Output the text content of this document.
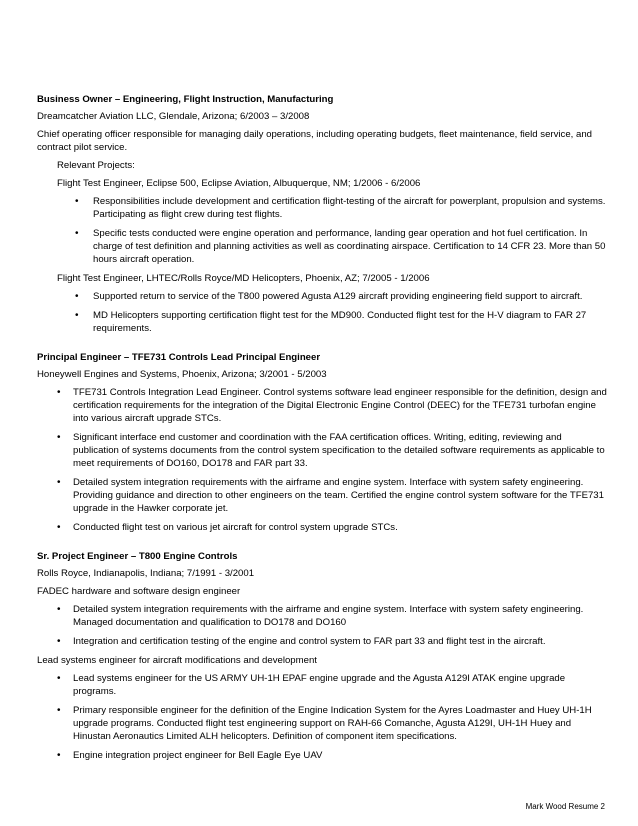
Business Owner – Engineering, Flight Instruction, Manufacturing
Dreamcatcher Aviation LLC, Glendale, Arizona; 6/2003 – 3/2008
Chief operating officer responsible for managing daily operations, including operating budgets, fleet maintenance, field service, and contract pilot service.
Relevant Projects:
Flight Test Engineer, Eclipse 500, Eclipse Aviation, Albuquerque, NM; 1/2006 - 6/2006
• Responsibilities include development and certification flight-testing of the aircraft for powerplant, propulsion and systems. Participating as flight crew during test flights.
• Specific tests conducted were engine operation and performance, landing gear operation and hot fuel certification. In charge of test definition and planning activities as well as coordinating airspace. Certification to 14 CFR 23. More than 50 hours aircraft operation.
Flight Test Engineer, LHTEC/Rolls Royce/MD Helicopters, Phoenix, AZ; 7/2005 - 1/2006
• Supported return to service of the T800 powered Agusta A129 aircraft providing engineering field support to aircraft.
• MD Helicopters supporting certification flight test for the MD900. Conducted flight test for the H-V diagram to FAR 27 requirements.
Principal Engineer – TFE731 Controls Lead Principal Engineer
Honeywell Engines and Systems, Phoenix, Arizona; 3/2001 - 5/2003
• TFE731 Controls Integration Lead Engineer. Control systems software lead engineer responsible for the definition, design and certification requirements for the integration of the Digital Electronic Engine Control (DEEC) for the TFE731 turbofan engine into various aircraft upgrade STCs.
• Significant interface end customer and coordination with the FAA certification offices. Writing, editing, reviewing and publication of systems documents from the control system specification to the detailed software requirements as applicable to meet requirements of DO160, DO178 and FAR part 33.
• Detailed system integration requirements with the airframe and engine system. Interface with system safety engineering. Providing guidance and direction to other engineers on the team. Certified the engine control system software for the TFE731 upgrade in the Hawker corporate jet.
• Conducted flight test on various jet aircraft for control system upgrade STCs.
Sr. Project Engineer – T800 Engine Controls
Rolls Royce, Indianapolis, Indiana; 7/1991 - 3/2001
FADEC hardware and software design engineer
• Detailed system integration requirements with the airframe and engine system. Interface with system safety engineering. Managed documentation and qualification to DO178 and DO160
• Integration and certification testing of the engine and control system to FAR part 33 and flight test in the aircraft.
Lead systems engineer for aircraft modifications and development
• Lead systems engineer for the US ARMY UH-1H EPAF engine upgrade and the Agusta A129I ATAK engine upgrade programs.
• Primary responsible engineer for the definition of the Engine Indication System for the Ayres Loadmaster and Huey UH-1H upgrade programs. Conducted flight test engineering support on RAH-66 Comanche, Agusta A129I, UH-1H Huey and Hinustan Aeronautics Limited ALH helicopters. Definition of component item specifications.
• Engine integration project engineer for Bell Eagle Eye UAV
Mark Wood Resume 2
